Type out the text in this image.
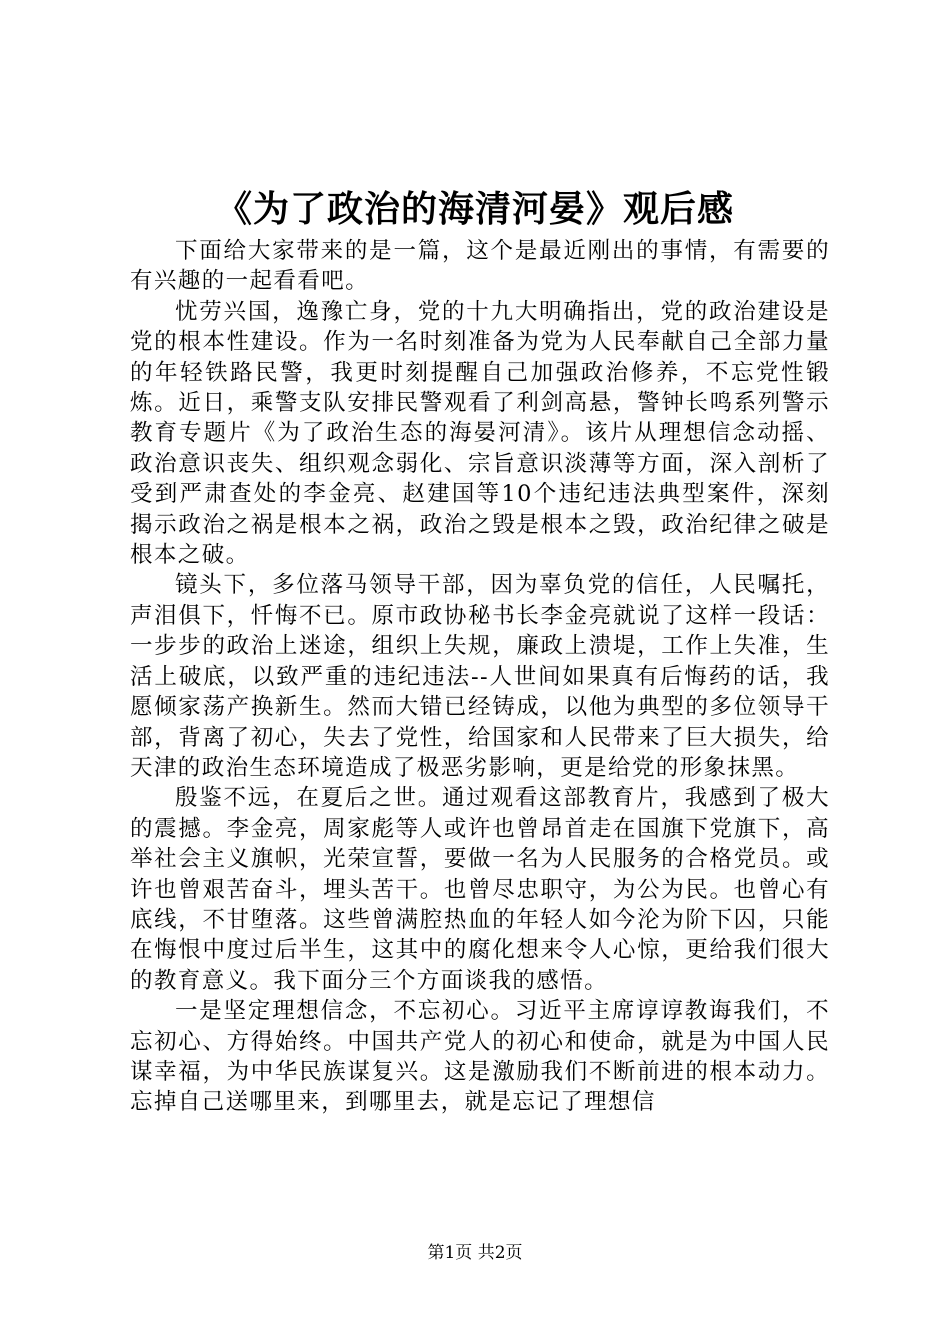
《为了政治的海清河晏》观后感

下面给大家带来的是一篇，这个是最近刚出的事情，有需要的有兴趣的一起看看吧。

忧劳兴国，逸豫亡身，党的十九大明确指出，党的政治建设是党的根本性建设。作为一名时刻准备为党为人民奉献自己全部力量的年轻铁路民警，我更时刻提醒自己加强政治修养，不忘党性锻炼。近日，乘警支队安排民警观看了利剑高悬，警钟长鸣系列警示教育专题片《为了政治生态的海晏河清》。该片从理想信念动摇、政治意识丧失、组织观念弱化、宗旨意识淡薄等方面，深入剖析了受到严肃查处的李金亮、赵建国等10个违纪违法典型案件，深刻揭示政治之祸是根本之祸，政治之毁是根本之毁，政治纪律之破是根本之破。

镜头下，多位落马领导干部，因为辜负党的信任，人民嘱托，声泪俱下，忏悔不已。原市政协秘书长李金亮就说了这样一段话：一步步的政治上迷途，组织上失规，廉政上溃堤，工作上失准，生活上破底，以致严重的违纪违法--人世间如果真有后悔药的话，我愿倾家荡产换新生。然而大错已经铸成，以他为典型的多位领导干部，背离了初心，失去了党性，给国家和人民带来了巨大损失，给天津的政治生态环境造成了极恶劣影响，更是给党的形象抹黑。

殷鉴不远，在夏后之世。通过观看这部教育片，我感到了极大的震撼。李金亮，周家彪等人或许也曾昂首走在国旗下党旗下，高举社会主义旗帜，光荣宣誓，要做一名为人民服务的合格党员。或许也曾艰苦奋斗，埋头苦干。也曾尽忠职守，为公为民。也曾心有底线，不甘堕落。这些曾满腔热血的年轻人如今沦为阶下囚，只能在悔恨中度过后半生，这其中的腐化想来令人心惊，更给我们很大的教育意义。我下面分三个方面谈我的感悟。

一是坚定理想信念，不忘初心。习近平主席谆谆教诲我们，不忘初心、方得始终。中国共产党人的初心和使命，就是为中国人民谋幸福，为中华民族谋复兴。这是激励我们不断前进的根本动力。忘掉自己送哪里来，到哪里去，就是忘记了理想信

第1页 共2页
